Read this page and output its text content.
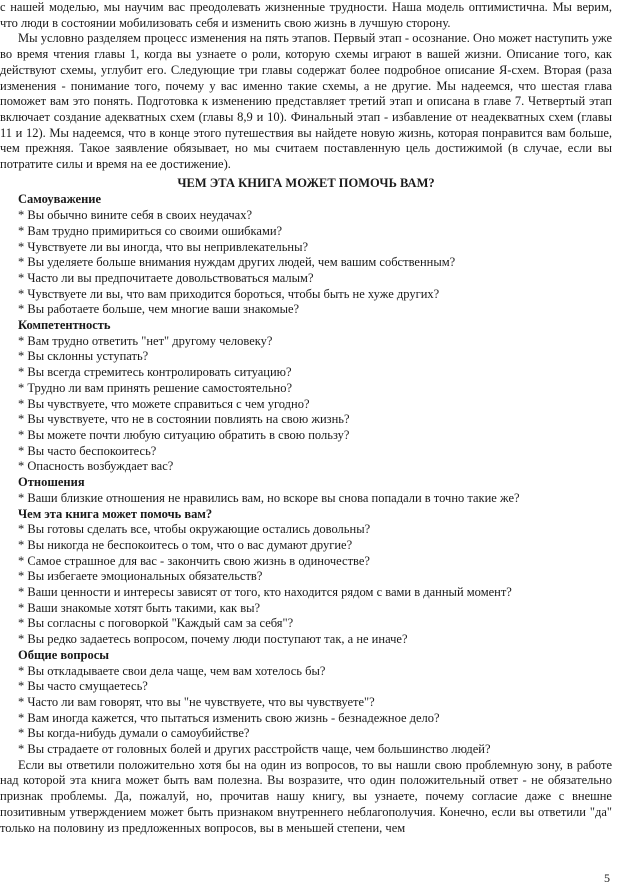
с нашей моделью, мы научим вас преодолевать жизненные трудности. Наша модель оптимистична. Мы верим, что люди в состоянии мобилизовать себя и изменить свою жизнь в лучшую сторону.

Мы условно разделяем процесс изменения на пять этапов. Первый этап - осознание. Оно может наступить уже во время чтения главы 1, когда вы узнаете о роли, которую схемы играют в вашей жизни. Описание того, как действуют схемы, углубит его. Следующие три главы содержат более подробное описание Я-схем. Вторая (раза изменения - понимание того, почему у вас именно такие схемы, а не другие. Мы надеемся, что шестая глава поможет вам это понять. Подготовка к изменению представляет третий этап и описана в главе 7. Четвертый этап включает создание адекватных схем (главы 8,9 и 10). Финальный этап - избавление от неадекватных схем (главы 11 и 12). Мы надеемся, что в конце этого путешествия вы найдете новую жизнь, которая понравится вам больше, чем прежняя. Такое заявление обязывает, но мы считаем поставленную цель достижимой (в случае, если вы потратите силы и время на ее достижение).

ЧЕМ ЭТА КНИГА МОЖЕТ ПОМОЧЬ ВАМ?

Самоуважение

* Вы обычно вините себя в своих неудачах?

* Вам трудно примириться со своими ошибками?

* Чувствуете ли вы иногда, что вы непривлекательны?

* Вы уделяете больше внимания нуждам других людей, чем вашим собственным?

* Часто ли вы предпочитаете довольствоваться малым?

* Чувствуете ли вы, что вам приходится бороться, чтобы быть не хуже других?

* Вы работаете больше, чем многие ваши знакомые?

Компетентность

* Вам трудно ответить "нет" другому человеку?

* Вы склонны уступать?

* Вы всегда стремитесь контролировать ситуацию?

* Трудно ли вам принять решение самостоятельно?

* Вы чувствуете, что можете справиться с чем угодно?

* Вы чувствуете, что не в состоянии повлиять на свою жизнь?

* Вы можете почти любую ситуацию обратить в свою пользу?

* Вы часто беспокоитесь?

* Опасность возбуждает вас?

Отношения

* Ваши близкие отношения не нравились вам, но вскоре вы снова попадали в точно такие же?

Чем эта книга может помочь вам?

* Вы готовы сделать все, чтобы окружающие остались довольны?

* Вы никогда не беспокоитесь о том, что о вас думают другие?

* Самое страшное для вас - закончить свою жизнь в одиночестве?

* Вы избегаете эмоциональных обязательств?

* Ваши ценности и интересы зависят от того, кто находится рядом с вами в данный момент?

* Ваши знакомые хотят быть такими, как вы?

* Вы согласны с поговоркой "Каждый сам за себя"?

* Вы редко задаетесь вопросом, почему люди поступают так, а не иначе?

Общие вопросы

* Вы откладываете свои дела чаще, чем вам хотелось бы?

* Вы часто смущаетесь?

* Часто ли вам говорят, что вы "не чувствуете, что вы чувствуете"?

* Вам иногда кажется, что пытаться изменить свою жизнь - безнадежное дело?

* Вы когда-нибудь думали о самоубийстве?

* Вы страдаете от головных болей и других расстройств чаще, чем большинство людей?

Если вы ответили положительно хотя бы на один из вопросов, то вы нашли свою проблемную зону, в работе над которой эта книга может быть вам полезна. Вы возразите, что один положительный ответ - не обязательно признак проблемы. Да, пожалуй, но, прочитав нашу книгу, вы узнаете, почему согласие даже с внешне позитивным утверждением может быть признаком внутреннего неблагополучия. Конечно, если вы ответили "да" только на половину из предложенных вопросов, вы в меньшей степени, чем

5
